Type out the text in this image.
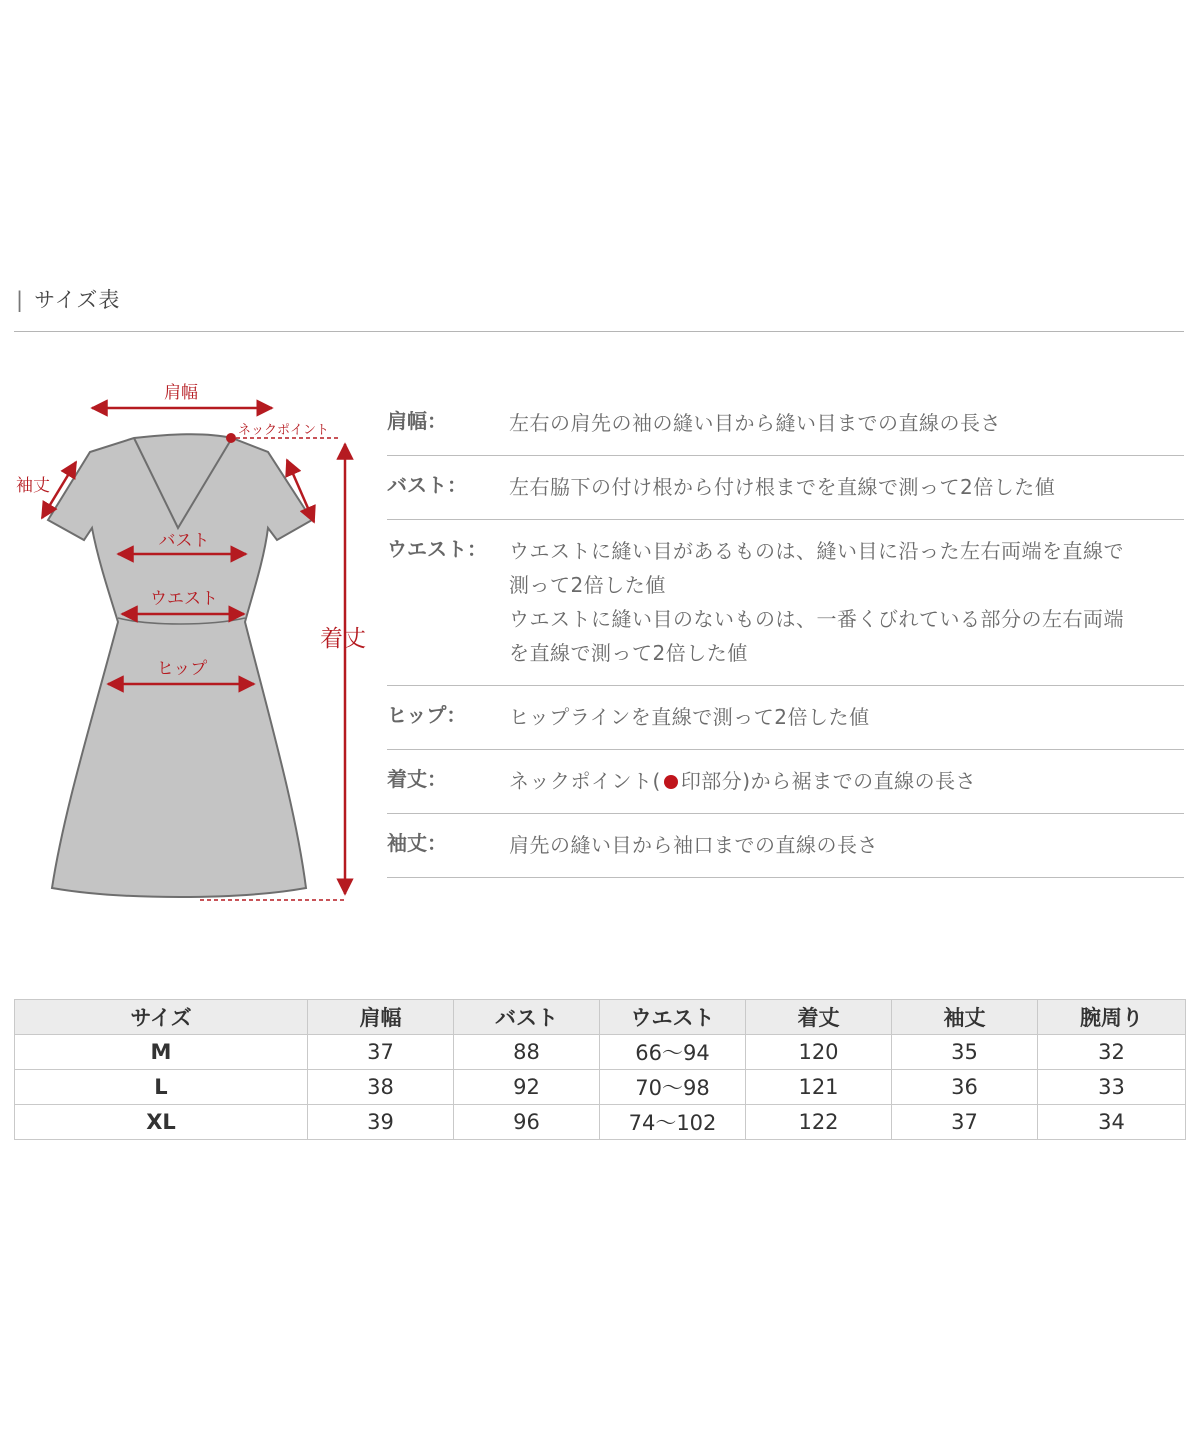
| サイズ表
肩幅
ネックポイント
袖丈
バスト
ウエスト
ヒップ
着丈
肩幅：	左右の肩先の袖の縫い目から縫い目までの直線の長さ
バスト：	左右脇下の付け根から付け根までを直線で測って2倍した値
ウエスト：	ウエストに縫い目があるものは、縫い目に沿った左右両端を直線で
測って2倍した値
ウエストに縫い目のないものは、一番くびれている部分の左右両端
を直線で測って2倍した値
ヒップ：	ヒップラインを直線で測って2倍した値
着丈：	ネックポイント( 印部分)から裾までの直線の長さ
袖丈：	肩先の縫い目から袖口までの直線の長さ
サイズ	肩幅	バスト	ウエスト	着丈	袖丈	腕周り
M	37	88	66〜94	120	35	32
L	38	92	70〜98	121	36	33
XL	39	96	74〜102	122	37	34
